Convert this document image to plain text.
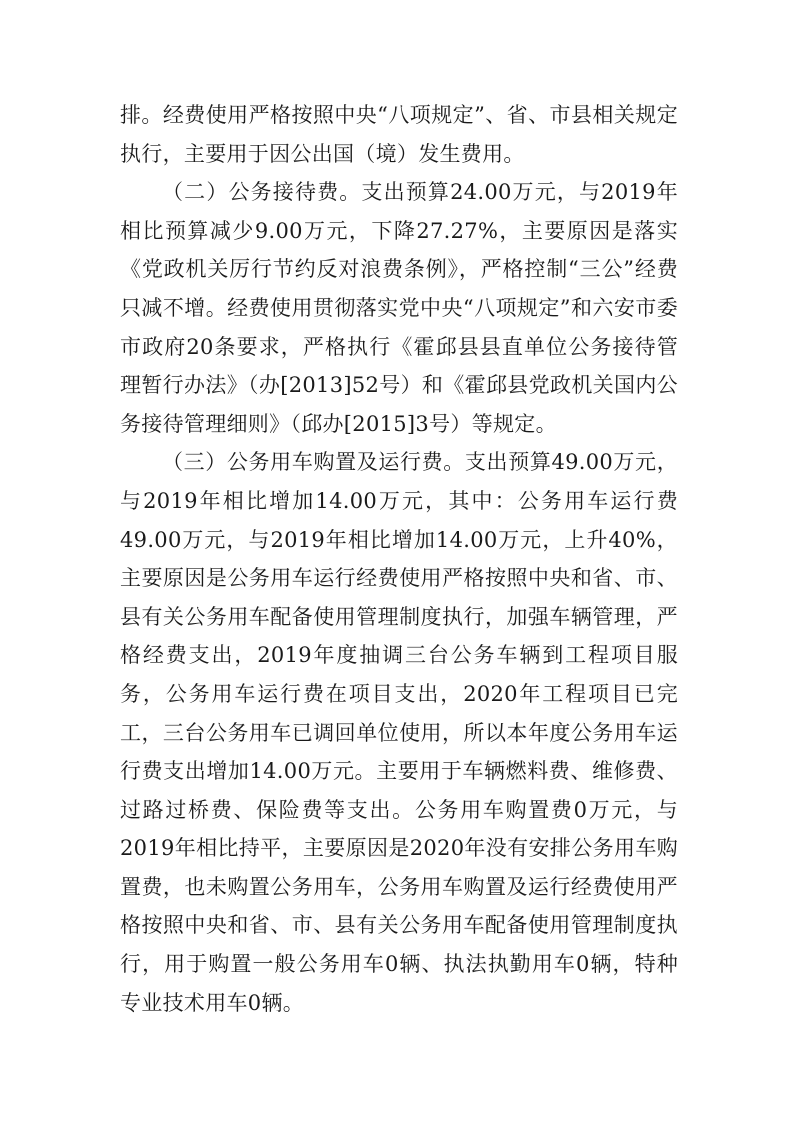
排。经费使用严格按照中央“八项规定”、省、市县相关规定执行，主要用于因公出国（境）发生费用。

（二）公务接待费。支出预算24.00万元，与2019年相比预算减少9.00万元，下降27.27%，主要原因是落实《党政机关厉行节约反对浪费条例》，严格控制“三公”经费只减不增。经费使用贯彻落实党中央“八项规定”和六安市委市政府20条要求，严格执行《霍邱县县直单位公务接待管理暂行办法》（办[2013]52号）和《霍邱县党政机关国内公务接待管理细则》（邱办[2015]3号）等规定。

（三）公务用车购置及运行费。支出预算49.00万元，与2019年相比增加14.00万元，其中：公务用车运行费49.00万元，与2019年相比增加14.00万元，上升40%，主要原因是公务用车运行经费使用严格按照中央和省、市、县有关公务用车配备使用管理制度执行，加强车辆管理，严格经费支出，2019年度抽调三台公务车辆到工程项目服务，公务用车运行费在项目支出，2020年工程项目已完工，三台公务用车已调回单位使用，所以本年度公务用车运行费支出增加14.00万元。主要用于车辆燃料费、维修费、过路过桥费、保险费等支出。公务用车购置费0万元，与2019年相比持平，主要原因是2020年没有安排公务用车购置费，也未购置公务用车，公务用车购置及运行经费使用严格按照中央和省、市、县有关公务用车配备使用管理制度执行，用于购置一般公务用车0辆、执法执勤用车0辆，特种专业技术用车0辆。
